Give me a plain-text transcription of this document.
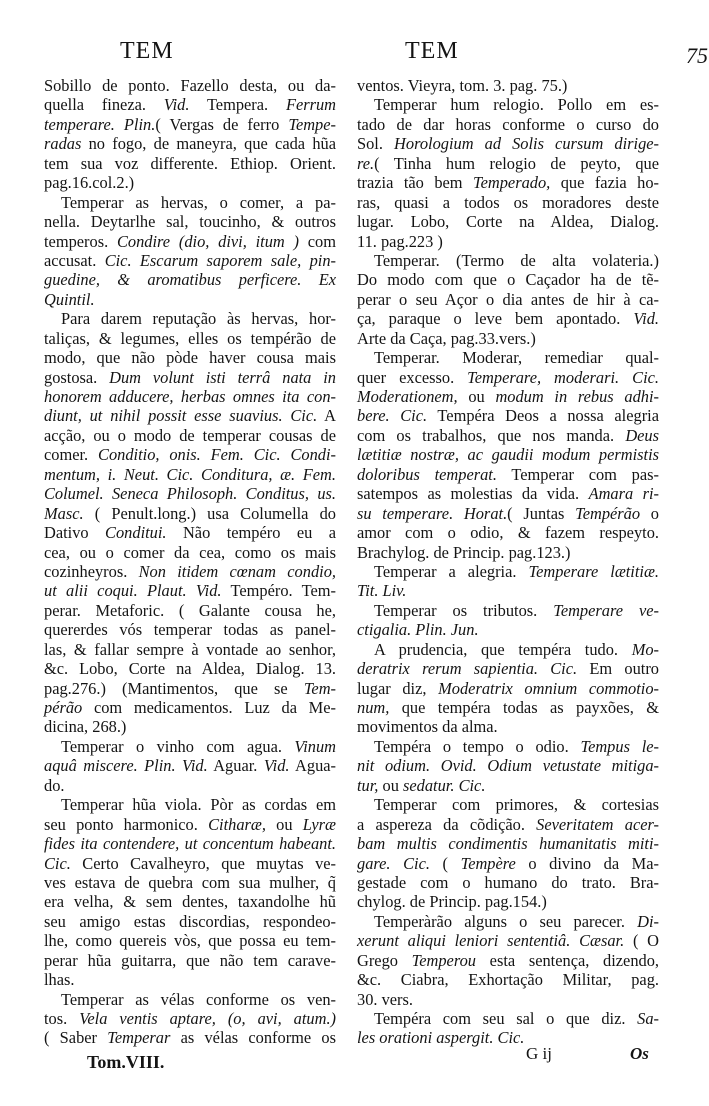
TEM	TEM	75
Sobillo de ponto. Fazello desta, ou da-
quella fineza. Vid. Tempera. Ferrum
temperare. Plin.( Vergas de ferro Tempe-
radas no fogo, de maneyra, que cada hũa
tem sua voz differente. Ethiop. Orient.
pag.16.col.2.)
Temperar as hervas, o comer, a pa-
nella. Deytarlhe sal, toucinho, & outros
temperos. Condire (dio, divi, itum ) com
accusat. Cic. Escarum saporem sale, pin-
guedine, & aromatibus perficere. Ex
Quintil.
Para darem reputação às hervas, hor-
taliças, & legumes, elles os tempérão de
modo, que não pòde haver cousa mais
gostosa. Dum volunt isti terrâ nata in
honorem adducere, herbas omnes ita con-
diunt, ut nihil possit esse suavius. Cic. A
acção, ou o modo de temperar cousas de
comer. Conditio, onis. Fem. Cic. Condi-
mentum, i. Neut. Cic. Conditura, æ. Fem.
Columel. Seneca Philosoph. Conditus, us.
Masc. ( Penult.long.) usa Columella do
Dativo Condituі. Não tempéro eu a
cea, ou o comer da cea, como os mais
cozinheyros. Non itidem cœnam condio,
ut alii coqui. Plaut. Vid. Tempéro. Tem-
perar. Metaforic. ( Galante cousa he,
quererdes vós temperar todas as panel-
las, & fallar sempre à vontade ao senhor,
&c. Lobo, Corte na Aldea, Dialog. 13.
pag.276.) (Mantimentos, que se Tem-
pérão com medicamentos. Luz da Me-
dicina, 268.)
Temperar o vinho com agua. Vinum
aquâ miscere. Plin. Vid. Aguar. Vid. Agua-
do.
Temperar hũa viola. Pòr as cordas em
seu ponto harmonico. Citharæ, ou Lyræ
fides ita contendere, ut concentum habeant.
Cic. Certo Cavalheyro, que muytas ve-
ves estava de quebra com sua mulher, q̃
era velha, & sem dentes, taxandolhe hũ
seu amigo estas discordias, respondeo-
lhe, como quereis vòs, que possa eu tem-
perar hũa guitarra, que não tem carave-
lhas.
Temperar as vélas conforme os ven-
tos. Vela ventis aptare, (o, avi, atum.)
( Saber Temperar as vélas conforme os
ventos. Vieyra, tom. 3. pag. 75.)
Temperar hum relogio. Pollo em es-
tado de dar horas conforme o curso do
Sol. Horologium ad Solis cursum dirige-
re.( Tinha hum relogio de peyto, que
trazia tão bem Temperado, que fazia ho-
ras, quasi a todos os moradores deste
lugar. Lobo, Corte na Aldea, Dialog.
11. pag.223 )
Temperar. (Termo de alta volateria.)
Do modo com que o Caçador ha de tẽ-
perar o seu Açor o dia antes de hir à ca-
ça, paraque o leve bem apontado. Vid.
Arte da Caça, pag.33.vers.)
Temperar. Moderar, remediar qual-
quer excesso. Temperare, moderari. Cic.
Moderationem, ou modum in rebus adhi-
bere. Cic. Tempéra Deos a nossa alegria
com os trabalhos, que nos manda. Deus
lætitiæ nostræ, ac gaudii modum permistis
doloribus temperat. Temperar com pas-
satempos as molestias da vida. Amara ri-
su temperare. Horat.( Juntas Tempérão o
amor com o odio, & fazem respeyto.
Brachylog. de Princip. pag.123.)
Temperar a alegria. Temperare lætitiæ.
Tit. Liv.
Temperar os tributos. Temperare ve-
ctigalia. Plin. Jun.
A prudencia, que tempéra tudo. Mo-
deratrix rerum sapientia. Cic. Em outro
lugar diz, Moderatrix omnium commotio-
num, que tempéra todas as payxões, &
movimentos da alma.
Tempéra o tempo o odio. Tempus le-
nit odium. Ovid. Odium vetustate mitiga-
tur, ou sedatur. Cic.
Temperar com primores, & cortesias
a aspereza da cõdição. Severitatem acer-
bam multis condimentis humanitatis miti-
gare. Cic. ( Tempère o divino da Ma-
gestade com o humano do trato. Bra-
chylog. de Princip. pag.154.)
Temperàrão alguns o seu parecer. Di-
xerunt aliqui leniori sententiâ. Cæsar. ( O
Grego Temperou esta sentença, dizendo,
&c. Ciabra, Exhortação Militar, pag.
30. vers.
Tempéra com seu sal o que diz. Sa-
les orationi aspergit. Cic.
Tom.VIII.	G ij	Os
